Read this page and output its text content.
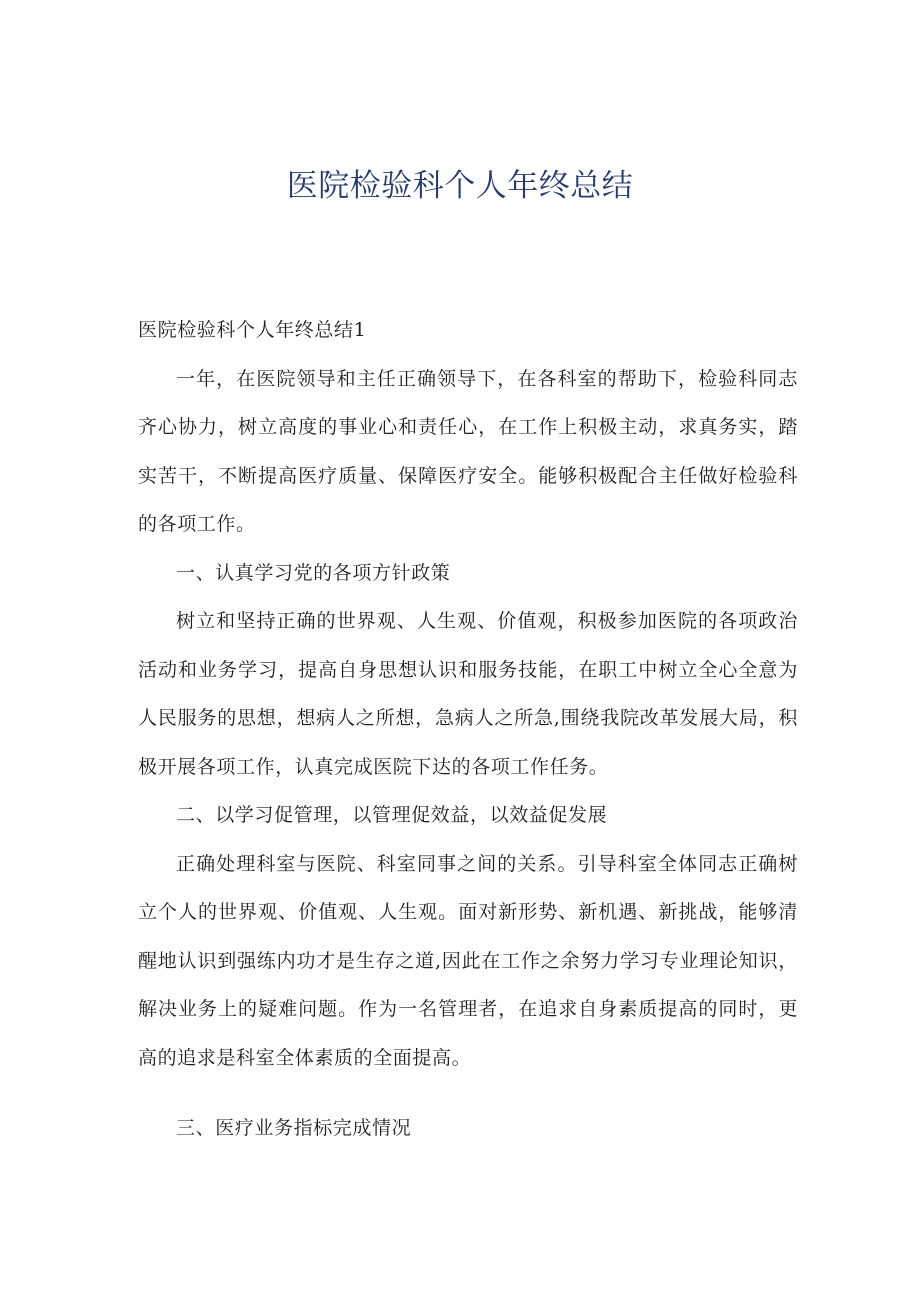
医院检验科个人年终总结

医院检验科个人年终总结1

一年，在医院领导和主任正确领导下，在各科室的帮助下，检验科同志齐心协力，树立高度的事业心和责任心，在工作上积极主动，求真务实，踏实苦干，不断提高医疗质量、保障医疗安全。能够积极配合主任做好检验科的各项工作。

一、认真学习党的各项方针政策

树立和坚持正确的世界观、人生观、价值观，积极参加医院的各项政治活动和业务学习，提高自身思想认识和服务技能，在职工中树立全心全意为人民服务的思想，想病人之所想，急病人之所急,围绕我院改革发展大局，积极开展各项工作，认真完成医院下达的各项工作任务。

二、以学习促管理，以管理促效益，以效益促发展

正确处理科室与医院、科室同事之间的关系。引导科室全体同志正确树立个人的世界观、价值观、人生观。面对新形势、新机遇、新挑战，能够清醒地认识到强练内功才是生存之道,因此在工作之余努力学习专业理论知识，解决业务上的疑难问题。作为一名管理者，在追求自身素质提高的同时，更高的追求是科室全体素质的全面提高。

三、医疗业务指标完成情况
